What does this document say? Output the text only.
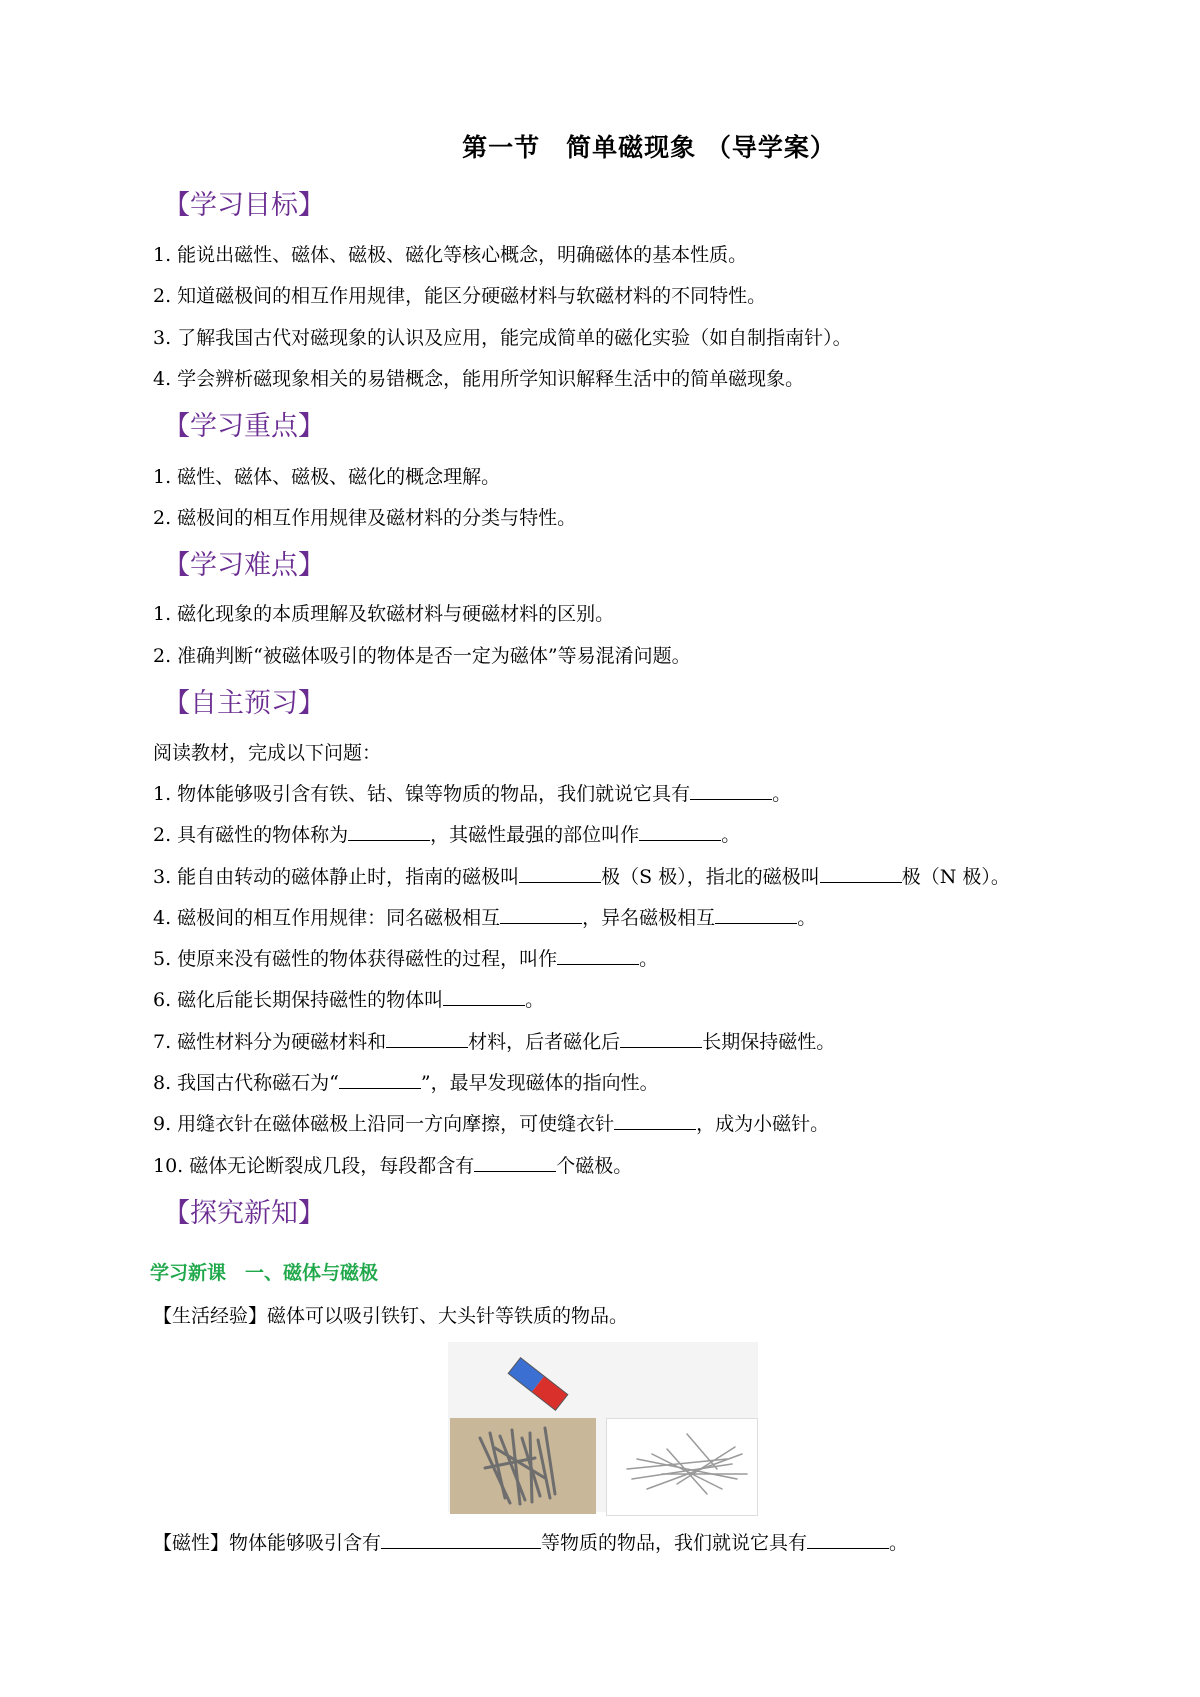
第一节　简单磁现象 （导学案）
【学习目标】
1. 能说出磁性、磁体、磁极、磁化等核心概念，明确磁体的基本性质。
2. 知道磁极间的相互作用规律，能区分硬磁材料与软磁材料的不同特性。
3. 了解我国古代对磁现象的认识及应用，能完成简单的磁化实验（如自制指南针）。
4. 学会辨析磁现象相关的易错概念，能用所学知识解释生活中的简单磁现象。
【学习重点】
1. 磁性、磁体、磁极、磁化的概念理解。
2. 磁极间的相互作用规律及磁材料的分类与特性。
【学习难点】
1. 磁化现象的本质理解及软磁材料与硬磁材料的区别。
2. 准确判断“被磁体吸引的物体是否一定为磁体”等易混淆问题。
【自主预习】
阅读教材，完成以下问题：
1. 物体能够吸引含有铁、钴、镍等物质的物品，我们就说它具有	。
2. 具有磁性的物体称为	，其磁性最强的部位叫作	。
3. 能自由转动的磁体静止时，指南的磁极叫	极（S 极），指北的磁极叫	极（N 极）。
4. 磁极间的相互作用规律：同名磁极相互	，异名磁极相互	。
5. 使原来没有磁性的物体获得磁性的过程，叫作	。
6. 磁化后能长期保持磁性的物体叫	。
7. 磁性材料分为硬磁材料和	材料，后者磁化后	长期保持磁性。
8. 我国古代称磁石为“	”，最早发现磁体的指向性。
9. 用缝衣针在磁体磁极上沿同一方向摩擦，可使缝衣针	，成为小磁针。
10. 磁体无论断裂成几段，每段都含有	个磁极。
【探究新知】
学习新课　一、磁体与磁极
【生活经验】磁体可以吸引铁钉、大头针等铁质的物品。
【磁性】物体能够吸引含有	等物质的物品，我们就说它具有	。
